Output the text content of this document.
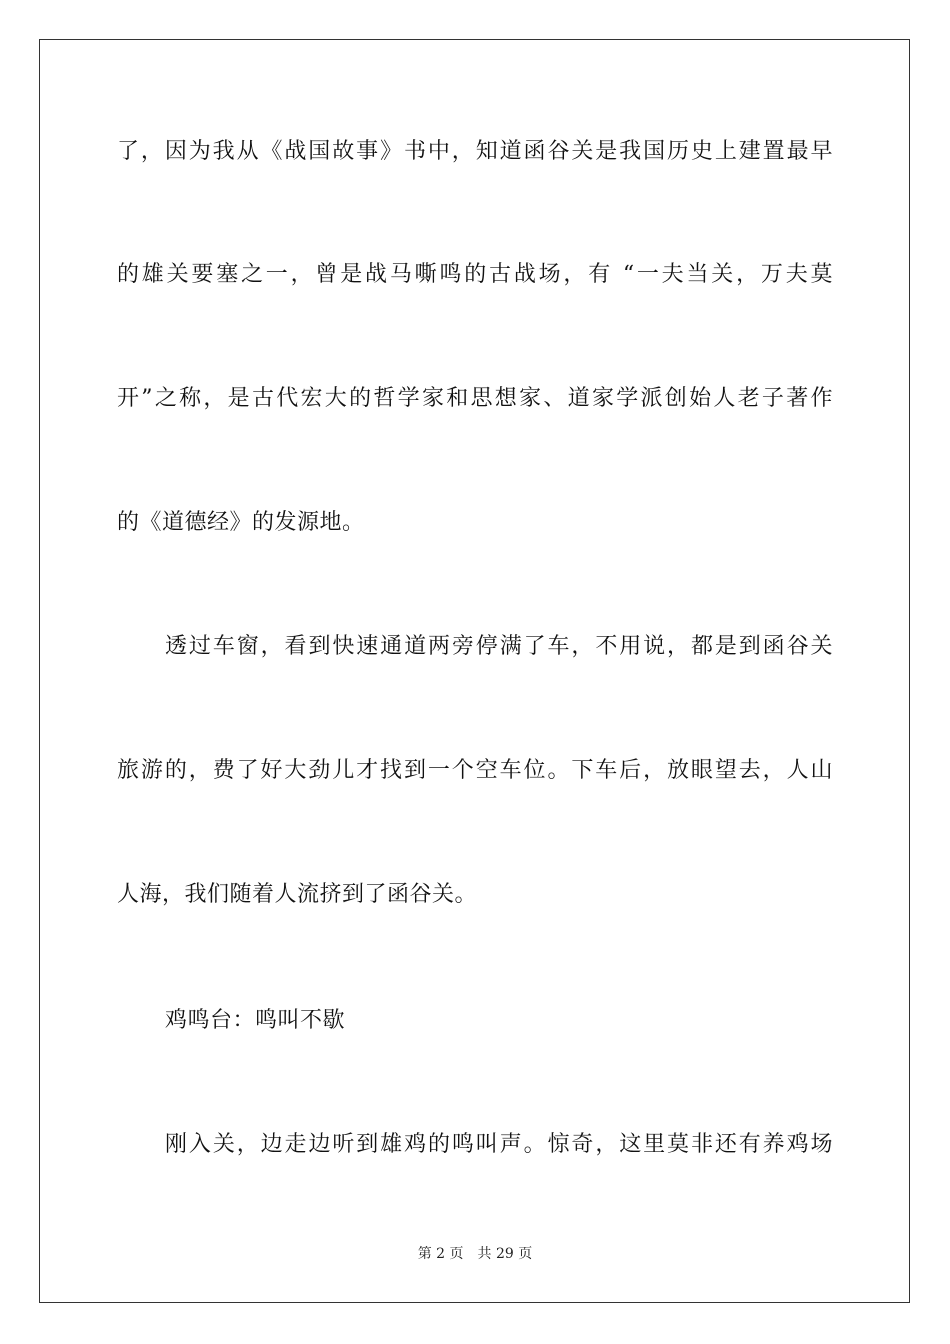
了，因为我从《战国故事》书中，知道函谷关是我国历史上建置最早
的雄关要塞之一，曾是战马嘶鸣的古战场，有 “一夫当关，万夫莫
开”之称，是古代宏大的哲学家和思想家、道家学派创始人老子著作
的《道德经》的发源地。
透过车窗，看到快速通道两旁停满了车，不用说，都是到函谷关
旅游的，费了好大劲儿才找到一个空车位。下车后，放眼望去，人山
人海，我们随着人流挤到了函谷关。
鸡鸣台：鸣叫不歇
刚入关，边走边听到雄鸡的鸣叫声。惊奇，这里莫非还有养鸡场
第 2 页 共 29 页
